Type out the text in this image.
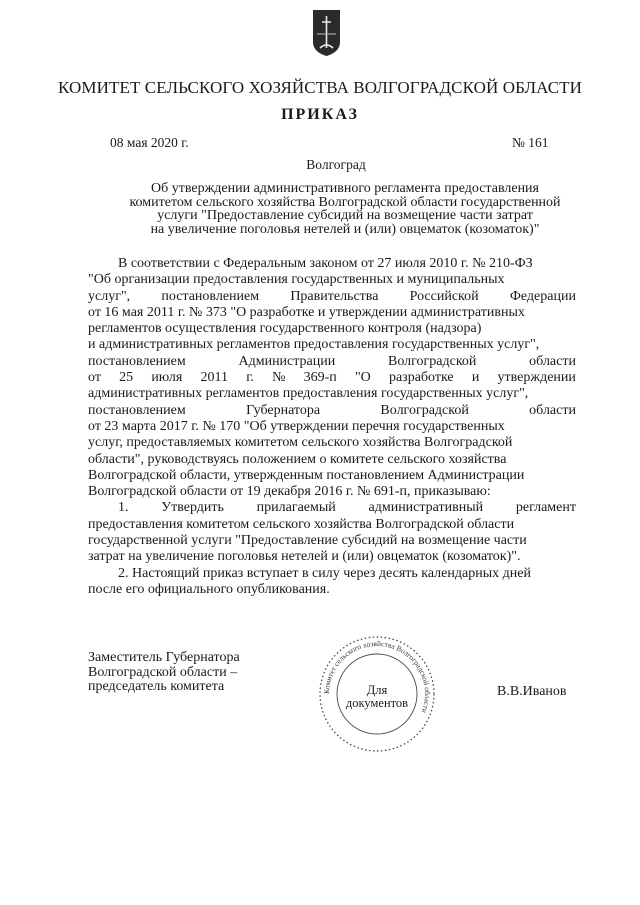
КОМИТЕТ СЕЛЬСКОГО ХОЗЯЙСТВА ВОЛГОГРАДСКОЙ ОБЛАСТИ
ПРИКАЗ
08 мая 2020 г.	№ 161
Волгоград
Об утверждении административного регламента предоставления
комитетом сельского хозяйства Волгоградской области государственной
услуги "Предоставление субсидий на возмещение части затрат
на увеличение поголовья нетелей и (или) овцематок (козоматок)"
В соответствии с Федеральным законом от 27 июля 2010 г. № 210-ФЗ
"Об организации предоставления государственных и муниципальных
услуг", постановлением Правительства Российской Федерации
от 16 мая 2011 г. № 373 "О разработке и утверждении административных
регламентов осуществления государственного контроля (надзора)
и административных регламентов предоставления государственных услуг",
постановлением	Администрации	Волгоградской	области
от 25 июля 2011 г. № 369-п "О разработке и утверждении
административных регламентов предоставления государственных услуг",
постановлением	Губернатора	Волгоградской	области
от 23 марта 2017 г. № 170 "Об утверждении перечня государственных
услуг, предоставляемых комитетом сельского хозяйства Волгоградской
области", руководствуясь положением о комитете сельского хозяйства
Волгоградской области, утвержденным постановлением Администрации
Волгоградской области от 19 декабря 2016 г. № 691-п, приказываю:
1. Утвердить прилагаемый административный регламент
предоставления комитетом сельского хозяйства Волгоградской области
государственной услуги "Предоставление субсидий на возмещение части
затрат на увеличение поголовья нетелей и (или) овцематок (козоматок)".
2. Настоящий приказ вступает в силу через десять календарных дней
после его официального опубликования.
Заместитель Губернатора
Волгоградской области –
председатель комитета	Комитет сельского хозяйства Волгоградской области
Для
документов
В.В.Иванов
